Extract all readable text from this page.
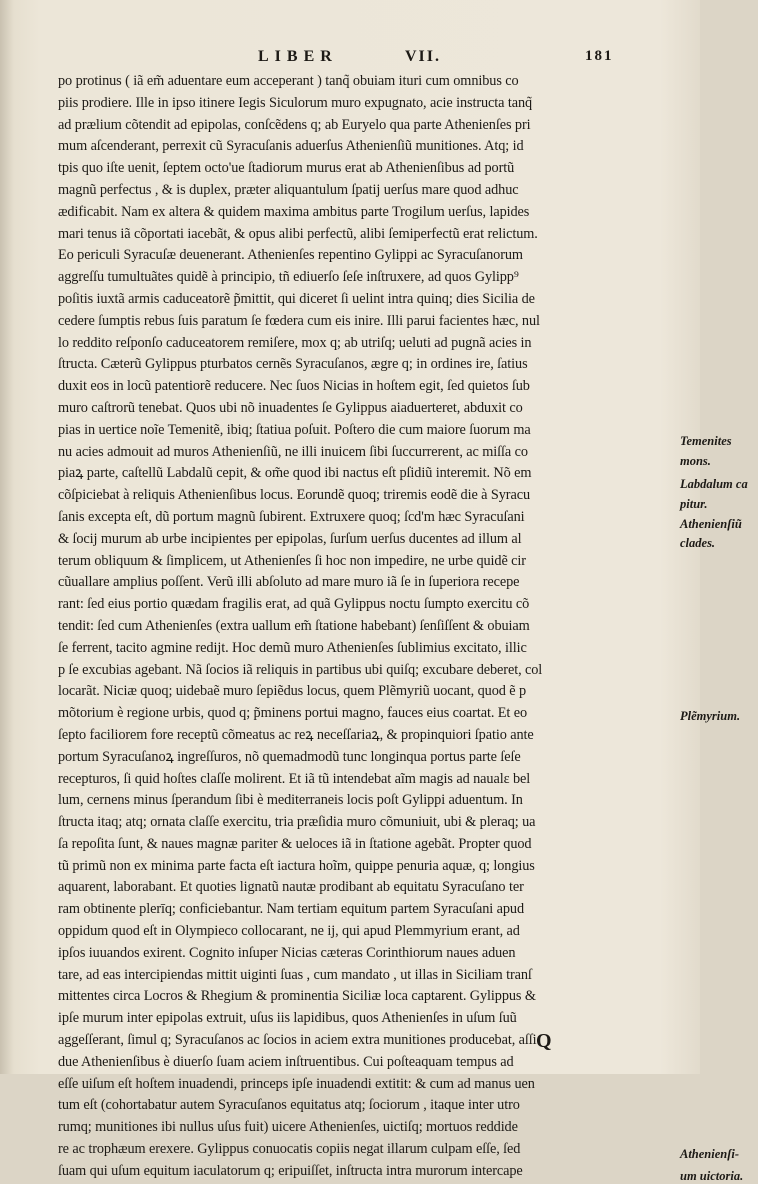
LIBER	VII.	181
po protinus ( iã em̃ aduentare eum acceperant ) tanq̃ obuiam ituri cum omnibus co
piis prodiere. Ille in ipso itinere Iegis Siculorum muro expugnato, acie instructa tanq̃
ad prælium cõtendit ad epipolas, conſcẽdens q; ab Euryelo qua parte Athenienſes pri
mum aſcenderant, perrexit cũ Syracuſanis aduerſus Athenienſiũ munitiones. Atq; id
tpis quo iſte uenit, ſeptem octo'ue ſtadiorum murus erat ab Athenienſibus ad portũ
magnũ perfectus , & is duplex, præter aliquantulum ſpatij uerſus mare quod adhuc
ædificabit. Nam ex altera & quidem maxima ambitus parte Trogilum uerſus, lapides
mari tenus iã cõportati iacebãt, & opus alibi perfectũ, alibi ſemiperfectũ erat relictum.
Eo periculi Syracuſæ deuenerant. Athenienſes repentino Gylippi ac Syracuſanorum
aggreſſu tumultuãtes quidẽ à principio, tñ ediuerſo ſeſe inſtruxere, ad quos Gylipp⁹
poſitis iuxtã armis caduceatorẽ p̃mittit, qui diceret ſi uelint intra quinq; dies Sicilia de
cedere ſumptis rebus ſuis paratum ſe fœdera cum eis inire. Illi parui facientes hæc, nul
lo reddito reſponſo caduceatorem remiſere, mox q; ab utriſq; ueluti ad pugnã acies in
ſtructa. Cæterũ Gylippus pturbatos cernẽs Syracuſanos, ægre q; in ordines ire, ſatius
duxit eos in locũ patentiorẽ reducere. Nec ſuos Nicias in hoſtem egit, ſed quietos ſub
muro caſtrorũ tenebat. Quos ubi nõ inuadentes ſe Gylippus aiaduerteret, abduxit co
pias in uertice noĩe Temenitẽ, ibiq; ſtatiua poſuit. Poſtero die cum maiore ſuorum ma
nu acies admouit ad muros Athenienſiũ, ne illi inuicem ſibi ſuccurrerent, ac miſſa co
piaꝝ parte, caſtellũ Labdalũ cepit, & om̃e quod ibi nactus eſt pſidiũ interemit. Nõ em
cõſpiciebat à reliquis Athenienſibus locus. Eorundẽ quoq; triremis eodẽ die à Syracu
ſanis excepta eſt, dũ portum magnũ ſubirent. Extruxere quoq; ſcd'm hæc Syracuſani
& ſocij murum ab urbe incipientes per epipolas, ſurſum uerſus ducentes ad illum al
terum obliquum & ſimplicem, ut Athenienſes ſi hoc non impedire, ne urbe quidẽ cir
cũuallare amplius poſſent. Verũ illi abſoluto ad mare muro iã ſe in ſuperiora recepe
rant: ſed eius portio quædam fragilis erat, ad quã Gylippus noctu ſumpto exercitu cõ
tendit: ſed cum Athenienſes (extra uallum em̃ ſtatione habebant) ſenſiſſent & obuiam
ſe ferrent, tacito agmine redijt. Hoc demũ muro Athenienſes ſublimius excitato, illic
p ſe excubias agebant. Nã ſocios iã reliquis in partibus ubi quiſq; excubare deberet, col
locarãt. Niciæ quoq; uidebaẽ muro ſepiẽdus locus, quem Plẽmyriũ uocant, quod ẽ p
mõtorium è regione urbis, quod q; p̃minens portui magno, fauces eius coartat. Et eo
ſepto faciliorem fore receptũ cõmeatus ac reꝝ neceſſariaꝝ, & propinquiori ſpatio ante
portum Syracuſanoꝝ ingreſſuros, nõ quemadmodũ tunc longinqua portus parte ſeſe
recepturos, ſi quid hoſtes claſſe molirent. Et iã tũ intendebat aĩm magis ad naualε bel
lum, cernens minus ſperandum ſibi è mediterraneis locis poſt Gylippi aduentum. In
ſtructa itaq; atq; ornata claſſe exercitu, tria præſidia muro cõmuniuit, ubi & pleraq; ua
ſa repoſita ſunt, & naues magnæ pariter & ueloces iã in ſtatione agebãt. Propter quod
tũ primũ non ex minima parte facta eſt iactura hoĩm, quippe penuria aquæ, q; longius
aquarent, laborabant. Et quoties lignatũ nautæ prodibant ab equitatu Syracuſano ter
ram obtinente plerīq; conficiebantur. Nam tertiam equitum partem Syracuſani apud
oppidum quod eſt in Olympieco collocarant, ne ij, qui apud Plemmyrium erant, ad
ipſos iuuandos exirent. Cognito inſuper Nicias cæteras Corinthiorum naues aduen
tare, ad eas intercipiendas mittit uiginti ſuas , cum mandato , ut illas in Siciliam tranſ
mittentes circa Locros & Rhegium & prominentia Siciliæ loca captarent. Gylippus &
ipſe murum inter epipolas extruit, uſus iis lapidibus, quos Athenienſes in uſum ſuũ
aggeſſerant, ſimul q; Syracuſanos ac ſocios in aciem extra munitiones producebat, aſſi
due Athenienſibus è diuerſo ſuam aciem inſtruentibus. Cui poſteaquam tempus ad
eſſe uiſum eſt hoſtem inuadendi, princeps ipſe inuadendi extitit: & cum ad manus uen
tum eſt (cohortabatur autem Syracuſanos equitatus atq; ſociorum , itaque inter utro
rumq; munitiones ibi nullus uſus fuit) uicere Athenienſes, uictiſq; mortuos reddide
re ac trophæum erexere. Gylippus conuocatis copiis negat illarum culpam eſſe, ſed
ſuam qui uſum equitum iaculatorum q; eripuiſſet, inſtructa intra murorum intercape
Temenites
mons.
Labdalum ca
pitur.
Athenienſiũ
clades.
Plẽmyrium.
Athenienſi-
um uictoria.
Q
